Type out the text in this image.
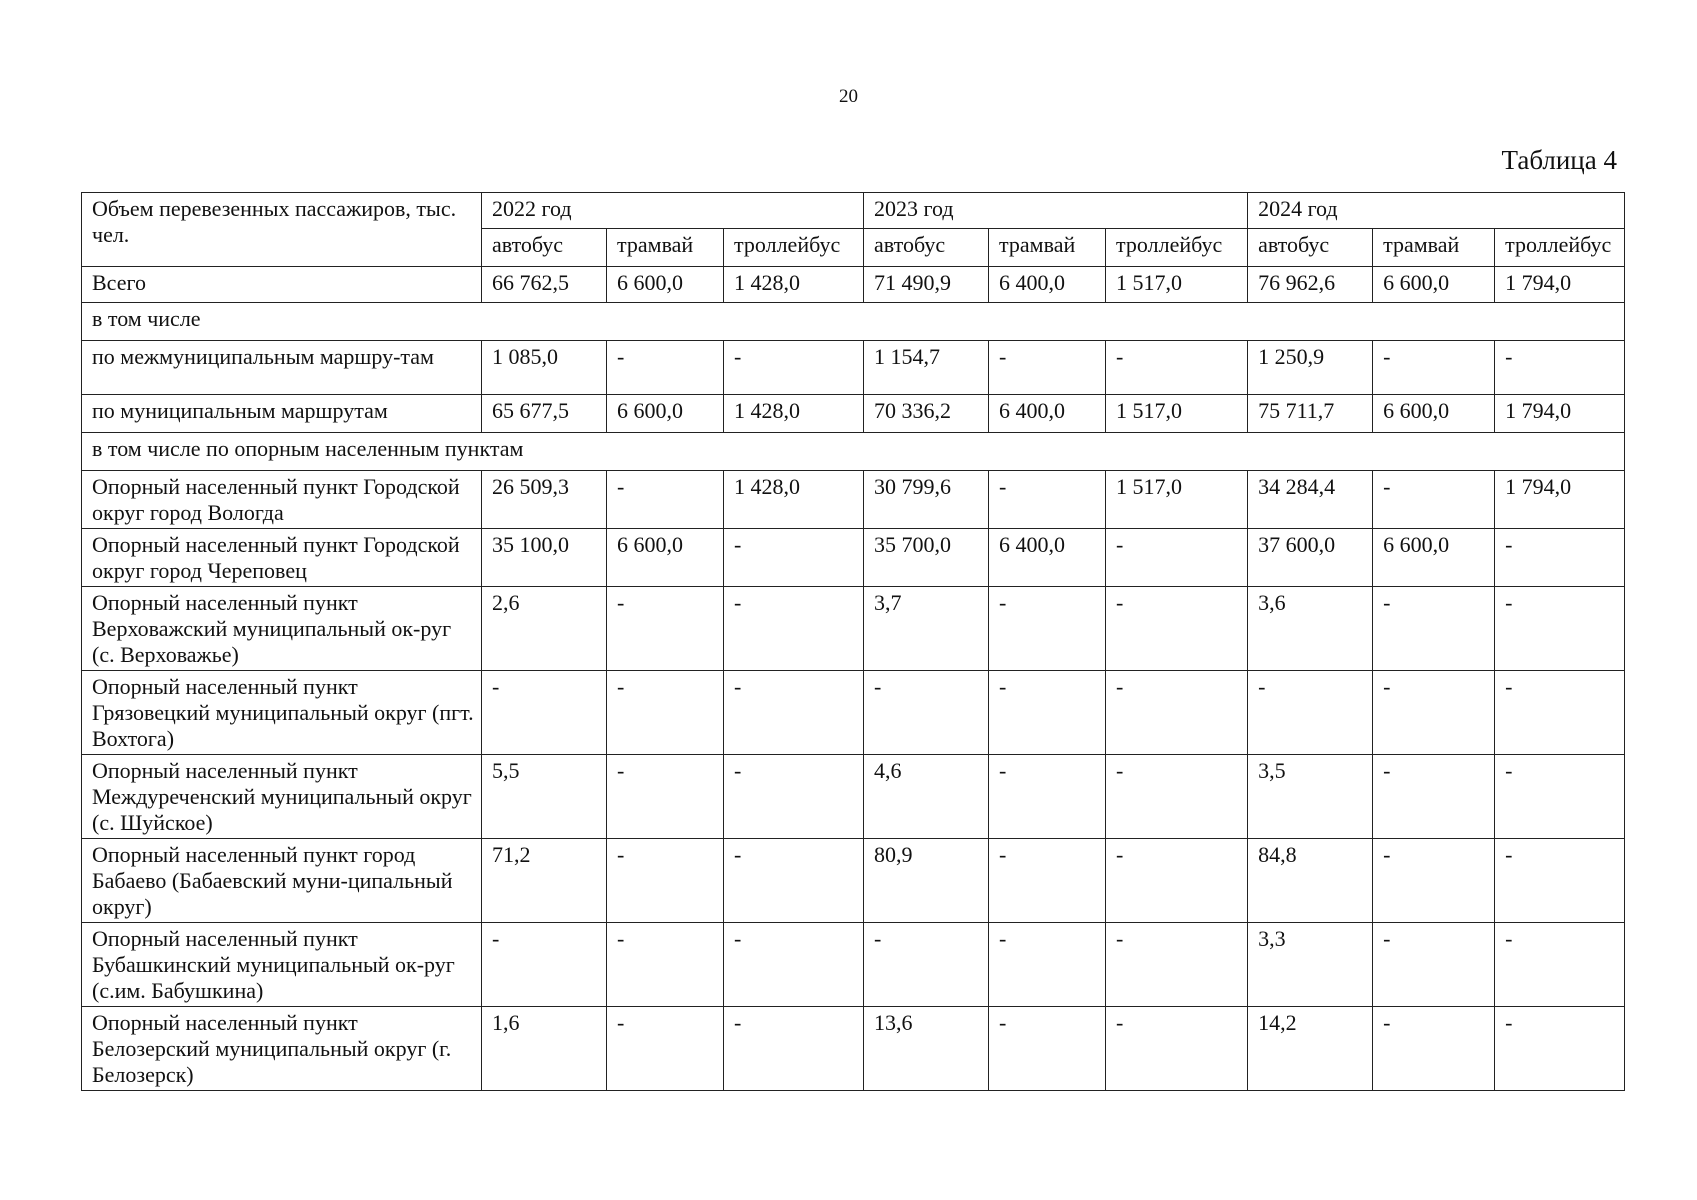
20
Таблица 4
Объем перевезенных пассажиров, тыс. чел.	2022 год			2023 год			2024 год		
	автобус	трамвай	троллейбус	автобус	трамвай	троллейбус	автобус	трамвай	троллейбус
Всего	66 762,5	6 600,0	1 428,0	71 490,9	6 400,0	1 517,0	76 962,6	6 600,0	1 794,0
в том числе									
по межмуниципальным маршру-там	1 085,0	-	-	1 154,7	-	-	1 250,9	-	-
по муниципальным маршрутам	65 677,5	6 600,0	1 428,0	70 336,2	6 400,0	1 517,0	75 711,7	6 600,0	1 794,0
в том числе по опорным населенным пунктам									
Опорный населенный пункт Городской округ город Вологда	26 509,3	-	1 428,0	30 799,6	-	1 517,0	34 284,4	-	1 794,0
Опорный населенный пункт Городской округ город Череповец	35 100,0	6 600,0	-	35 700,0	6 400,0	-	37 600,0	6 600,0	-
Опорный населенный пункт Верховажский муниципальный ок-руг (с. Верховажье)	2,6	-	-	3,7	-	-	3,6	-	-
Опорный населенный пункт Грязовецкий муниципальный округ (пгт. Вохтога)	-	-	-	-	-	-	-	-	-
Опорный населенный пункт Междуреченский муниципальный округ (с. Шуйское)	5,5	-	-	4,6	-	-	3,5	-	-
Опорный населенный пункт город Бабаево (Бабаевский муни-ципальный округ)	71,2	-	-	80,9	-	-	84,8	-	-
Опорный населенный пункт Бубашкинский муниципальный ок-руг (с.им. Бабушкина)	-	-	-	-	-	-	3,3	-	-
Опорный населенный пункт Белозерский муниципальный округ (г. Белозерск)	1,6	-	-	13,6	-	-	14,2	-	-
